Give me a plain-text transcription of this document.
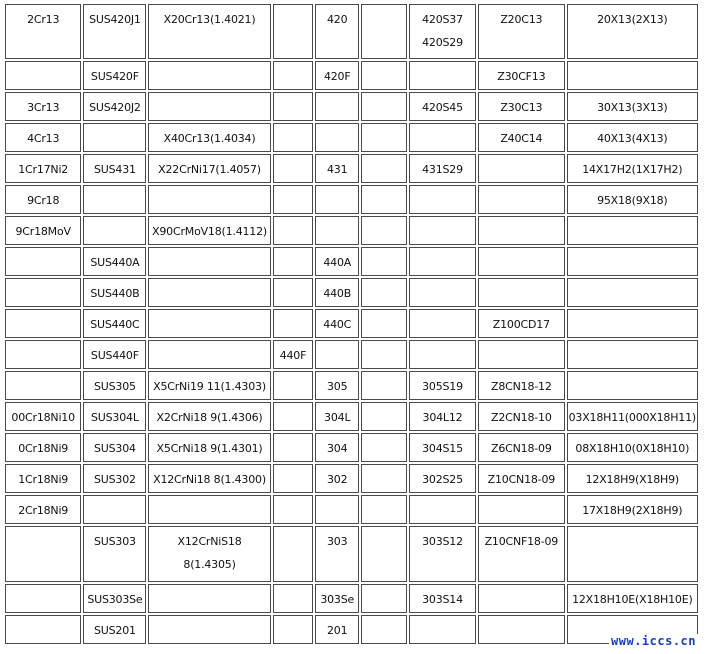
2Cr13	SUS420J1	X20Cr13(1.4021)		420		420S37
420S29	Z20C13	20X13(2X13)

	SUS420F			420F			Z30CF13	

3Cr13	SUS420J2					420S45	Z30C13	30X13(3X13)

4Cr13		X40Cr13(1.4034)					Z40C14	40X13(4X13)

1Cr17Ni2	SUS431	X22CrNi17(1.4057)		431		431S29		14X17H2(1X17H2)

9Cr18								95X18(9X18)

9Cr18MoV		X90CrMoV18(1.4112)						

	SUS440A			440A				

	SUS440B			440B				

	SUS440C			440C			Z100CD17	

	SUS440F		440F					

	SUS305	X5CrNi19 11(1.4303)		305		305S19	Z8CN18-12	

00Cr18Ni10	SUS304L	X2CrNi18 9(1.4306)		304L		304L12	Z2CN18-10	03X18H11(000X18H11)

0Cr18Ni9	SUS304	X5CrNi18 9(1.4301)		304		304S15	Z6CN18-09	08X18H10(0X18H10)

1Cr18Ni9	SUS302	X12CrNi18 8(1.4300)		302		302S25	Z10CN18-09	12X18H9(X18H9)

2Cr18Ni9								17X18H9(2X18H9)

	SUS303	X12CrNiS18
8(1.4305)		303		303S12	Z10CNF18-09	

	SUS303Se			303Se		303S14		12X18H10E(X18H10E)

	SUS201			201				

www.iccs.cn
